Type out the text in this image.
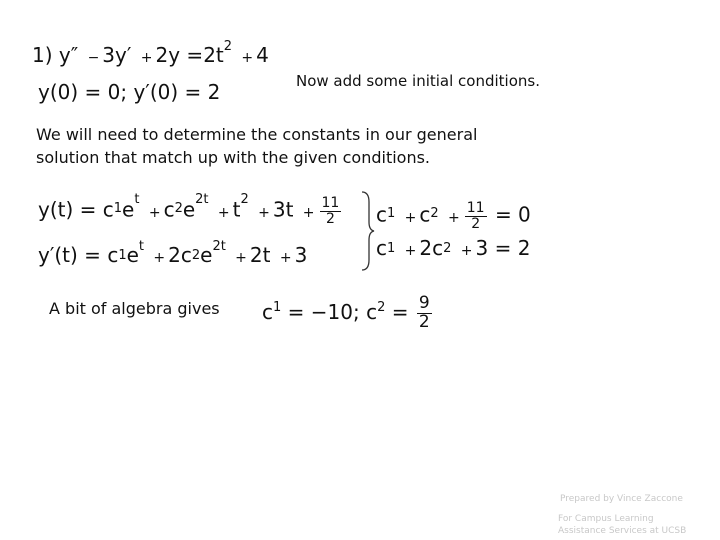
1) $y'' - 3y' + 2y =2t^2 + 4$
y(0) = 0; y′(0) = 2	Now add some initial conditions.
We will need to determine the constants in our general
solution that match up with the given conditions.
$y(t) = c_1e^t + c_2e^{2t} + t^2 + 3t + \frac{11}{2}$
$y'(t) = c_1e^t + 2c_2e^{2t} + 2t + 3$
$c_1 + c_2 + \frac{11}{2} = 0$
$c_1 + 2c_2 + 3 = 2$
A bit of algebra gives $c_1 = -10$; $c_2 = \frac{9}{2}$
Prepared by Vince Zaccone
For Campus Learning
Assistance Services at UCSB
